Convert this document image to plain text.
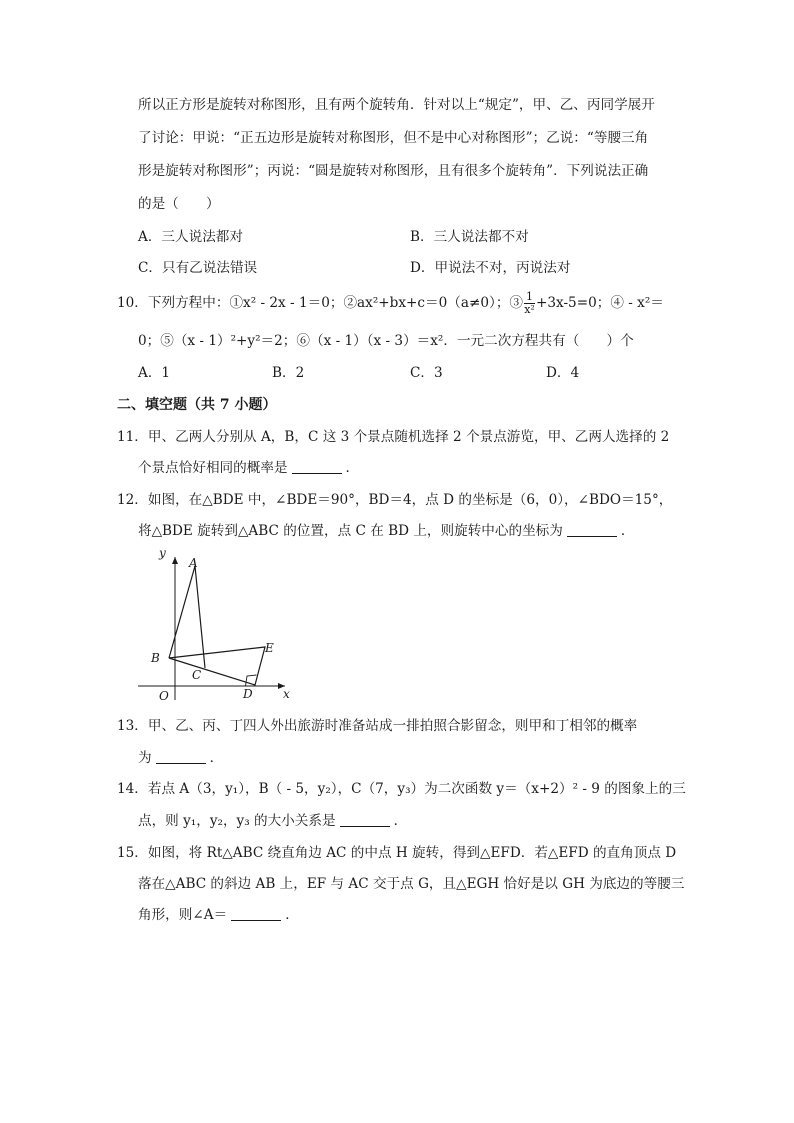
所以正方形是旋转对称图形，且有两个旋转角．针对以上“规定”，甲、乙、丙同学展开
了讨论：甲说：“正五边形是旋转对称图形，但不是中心对称图形”；乙说：“等腰三角
形是旋转对称图形”；丙说：“圆是旋转对称图形，且有很多个旋转角”．下列说法正确
的是（　　）
A．三人说法都对	B．三人说法都不对
C．只有乙说法错误	D．甲说法不对，丙说法对
10．下列方程中：①x² - 2x - 1＝0；②ax²+bx+c＝0（a≠0）；③ $\frac{1}{\text{x²}} +3x-5=0$；④ - x²＝
0；⑤（x - 1）²+y²＝2；⑥（x - 1）（x - 3）＝x²．一元二次方程共有（　　）个
A．1	B．2	C．3	D．4
二、填空题（共 7 小题）
11．甲、乙两人分别从 A，B，C 这 3 个景点随机选择 2 个景点游览，甲、乙两人选择的 2
个景点恰好相同的概率是	．
12．如图，在△BDE 中，∠BDE＝90°，BD＝4，点 D 的坐标是（6，0），∠BDO＝15°，
将△BDE 旋转到△ABC 的位置，点 C 在 BD 上，则旋转中心的坐标为	．
y
x
A
B
C
D
E
O
13．甲、乙、丙、丁四人外出旅游时准备站成一排拍照合影留念，则甲和丁相邻的概率
为	．
14．若点 A（3，y₁），B（ - 5，y₂），C（7，y₃）为二次函数 y＝（x+2）² - 9 的图象上的三
点，则 y₁，y₂，y₃ 的大小关系是	．
15．如图，将 Rt△ABC 绕直角边 AC 的中点 H 旋转，得到△EFD．若△EFD 的直角顶点 D
落在△ABC 的斜边 AB 上，EF 与 AC 交于点 G，且△EGH 恰好是以 GH 为底边的等腰三
角形，则∠A＝	．
